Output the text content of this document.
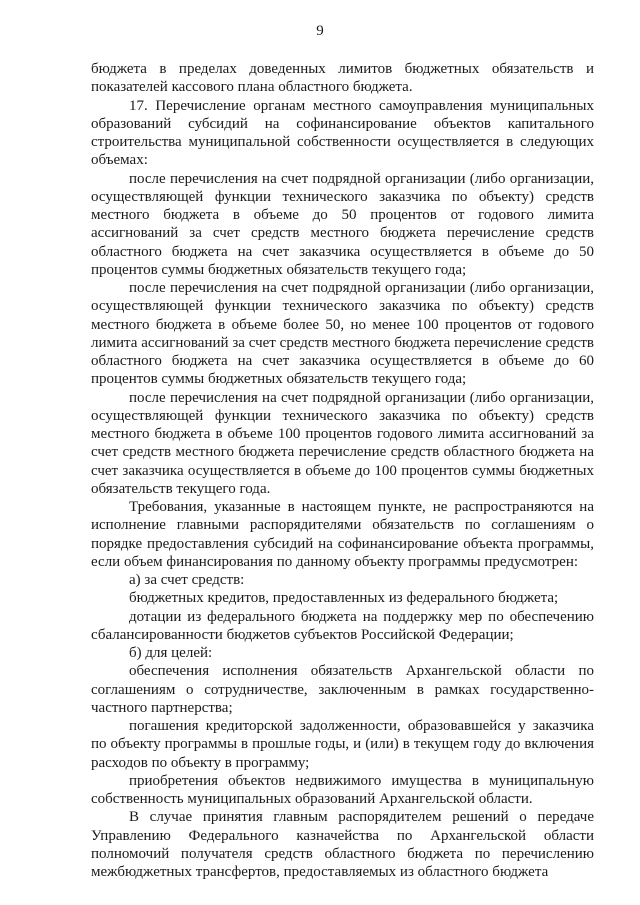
9

бюджета в пределах доведенных лимитов бюджетных обязательств и показателей кассового плана областного бюджета.

17. Перечисление органам местного самоуправления муниципальных образований субсидий на софинансирование объектов капитального строительства муниципальной собственности осуществляется в следующих объемах:

после перечисления на счет подрядной организации (либо организации, осуществляющей функции технического заказчика по объекту) средств местного бюджета в объеме до 50 процентов от годового лимита ассигнований за счет средств местного бюджета перечисление средств областного бюджета на счет заказчика осуществляется в объеме до 50 процентов суммы бюджетных обязательств текущего года;

после перечисления на счет подрядной организации (либо организации, осуществляющей функции технического заказчика по объекту) средств местного бюджета в объеме более 50, но менее 100 процентов от годового лимита ассигнований за счет средств местного бюджета перечисление средств областного бюджета на счет заказчика осуществляется в объеме до 60 процентов суммы бюджетных обязательств текущего года;

после перечисления на счет подрядной организации (либо организации, осуществляющей функции технического заказчика по объекту) средств местного бюджета в объеме 100 процентов годового лимита ассигнований за счет средств местного бюджета перечисление средств областного бюджета на счет заказчика осуществляется в объеме до 100 процентов суммы бюджетных обязательств текущего года.

Требования, указанные в настоящем пункте, не распространяются на исполнение главными распорядителями обязательств по соглашениям о порядке предоставления субсидий на софинансирование объекта программы, если объем финансирования по данному объекту программы предусмотрен:

а) за счет средств:

бюджетных кредитов, предоставленных из федерального бюджета;

дотации из федерального бюджета на поддержку мер по обеспечению сбалансированности бюджетов субъектов Российской Федерации;

б) для целей:

обеспечения исполнения обязательств Архангельской области по соглашениям о сотрудничестве, заключенным в рамках государственно-частного партнерства;

погашения кредиторской задолженности, образовавшейся у заказчика по объекту программы в прошлые годы, и (или) в текущем году до включения расходов по объекту в программу;

приобретения объектов недвижимого имущества в муниципальную собственность муниципальных образований Архангельской области.

В случае принятия главным распорядителем решений о передаче Управлению Федерального казначейства по Архангельской области полномочий получателя средств областного бюджета по перечислению межбюджетных трансфертов, предоставляемых из областного бюджета
